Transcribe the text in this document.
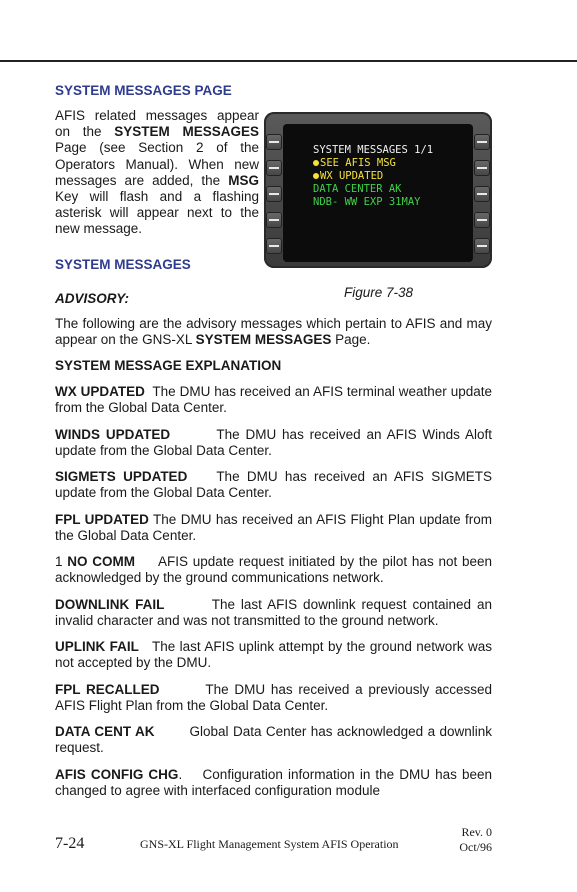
SYSTEM MESSAGES PAGE
AFIS related messages appear on the SYSTEM MESSAGES Page (see Section 2 of the Operators Manual). When new messages are added, the MSG Key will flash and a flashing asterisk will appear next to the new message.
SYSTEM MESSAGES 1/1
SEE AFIS MSG
WX UPDATED
DATA CENTER AK
NDB- WW EXP 31MAY
SYSTEM MESSAGES
Figure 7-38
ADVISORY:
The following are the advisory messages which pertain to AFIS and may appear on the GNS-XL SYSTEM MESSAGES Page.
SYSTEM MESSAGE EXPLANATION
WX UPDATED  The DMU has received an AFIS terminal weather update from the Global Data Center.
WINDS UPDATED        The DMU has received an AFIS Winds Aloft update from the Global Data Center.
SIGMETS UPDATED    The DMU has received an AFIS SIGMETS update from the Global Data Center.
FPL UPDATED The DMU has received an AFIS Flight Plan update from the Global Data Center.
1 NO COMM     AFIS update request initiated by the pilot has not been acknowledged by the ground communications network.
DOWNLINK FAIL        The last AFIS downlink request contained an invalid character and was not transmitted to the ground network.
UPLINK FAIL   The last AFIS uplink attempt by the ground network was not accepted by the DMU.
FPL RECALLED        The DMU has received a previously accessed AFIS Flight Plan from the Global Data Center.
DATA CENT AK        Global Data Center has acknowledged a downlink request.
AFIS CONFIG CHG.    Configuration information in the DMU has been changed to agree with interfaced configuration module
7-24	GNS-XL Flight Management System AFIS Operation
Rev. 0
Oct/96
